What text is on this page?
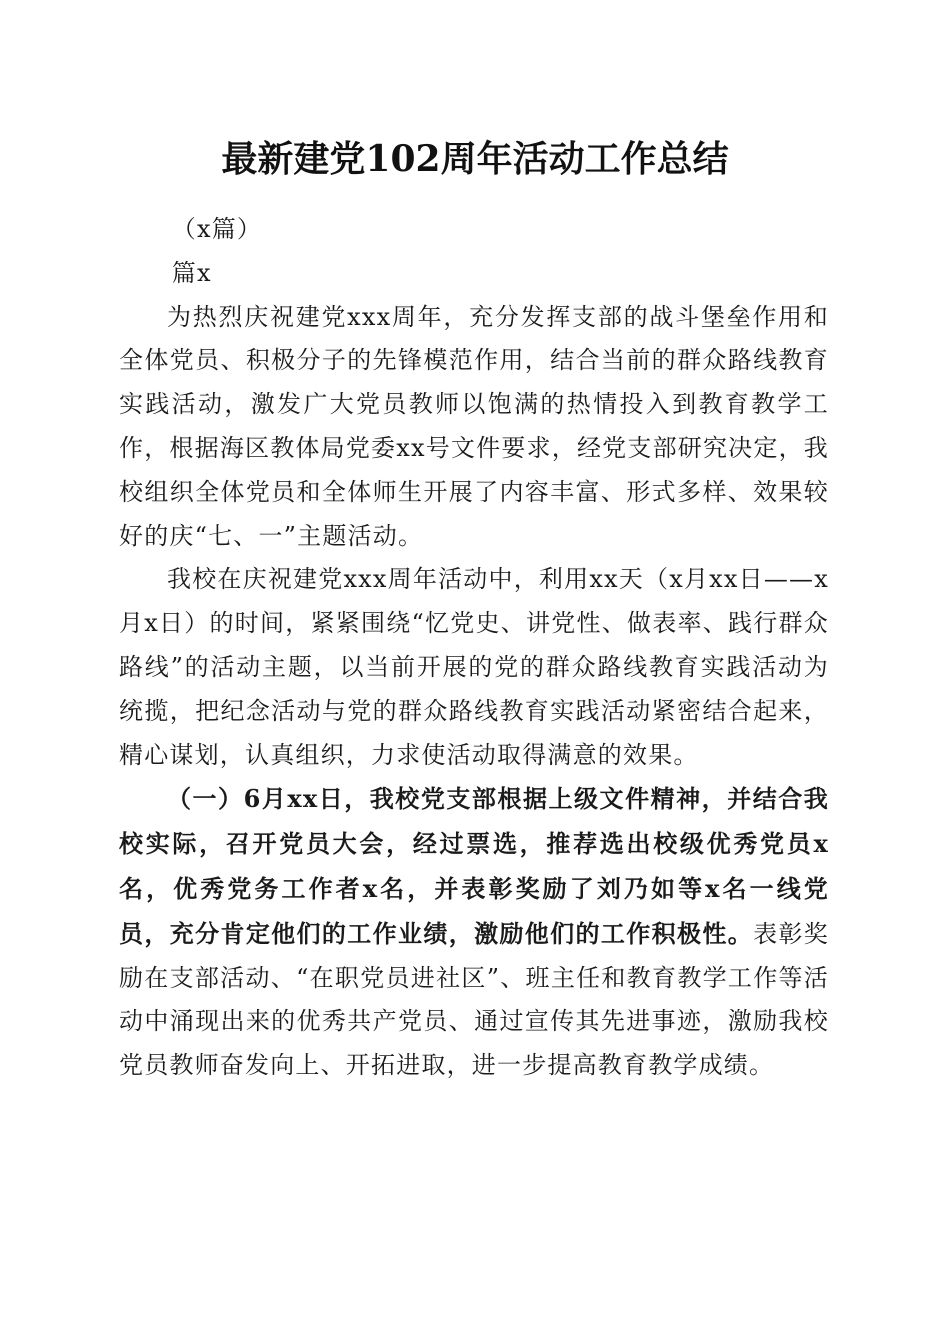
最新建党102周年活动工作总结

（x篇）

篇x

为热烈庆祝建党xxx周年，充分发挥支部的战斗堡垒作用和全体党员、积极分子的先锋模范作用，结合当前的群众路线教育实践活动，激发广大党员教师以饱满的热情投入到教育教学工作，根据海区教体局党委xx号文件要求，经党支部研究决定，我校组织全体党员和全体师生开展了内容丰富、形式多样、效果较好的庆“七、一”主题活动。

我校在庆祝建党xxx周年活动中，利用xx天（x月xx日——x月x日）的时间，紧紧围绕“忆党史、讲党性、做表率、践行群众路线”的活动主题，以当前开展的党的群众路线教育实践活动为统揽，把纪念活动与党的群众路线教育实践活动紧密结合起来，精心谋划，认真组织，力求使活动取得满意的效果。

（一）6月xx日，我校党支部根据上级文件精神，并结合我校实际，召开党员大会，经过票选，推荐选出校级优秀党员x名，优秀党务工作者x名，并表彰奖励了刘乃如等x名一线党员，充分肯定他们的工作业绩，激励他们的工作积极性。

表彰奖励在支部活动、“在职党员进社区”、班主任和教育教学工作等活动中涌现出来的优秀共产党员、通过宣传其先进事迹，激励我校党员教师奋发向上、开拓进取，进一步提高教育教学成绩。
